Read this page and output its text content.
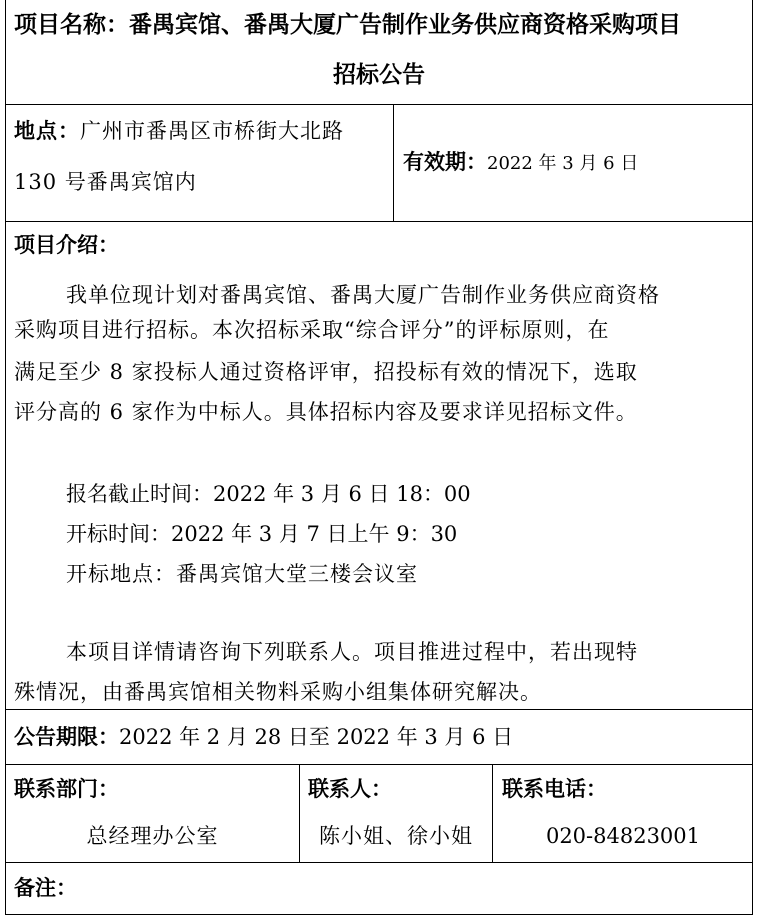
项目名称：番禺宾馆、番禺大厦广告制作业务供应商资格采购项目
招标公告
地点：广州市番禺区市桥街大北路
130 号番禺宾馆内
有效期：2022 年 3 月 6 日
项目介绍：
我单位现计划对番禺宾馆、番禺大厦广告制作业务供应商资格
采购项目进行招标。本次招标采取“综合评分”的评标原则，在
满足至少 8 家投标人通过资格评审，招投标有效的情况下，选取
评分高的 6 家作为中标人。具体招标内容及要求详见招标文件。
报名截止时间：2022 年 3 月 6 日 18：00
开标时间：2022 年 3 月 7 日上午 9：30
开标地点：番禺宾馆大堂三楼会议室
本项目详情请咨询下列联系人。项目推进过程中，若出现特
殊情况，由番禺宾馆相关物料采购小组集体研究解决。
公告期限：2022 年 2 月 28 日至 2022 年 3 月 6 日
联系部门：
总经理办公室
联系人：
陈小姐、徐小姐
联系电话：
020-84823001
备注：
